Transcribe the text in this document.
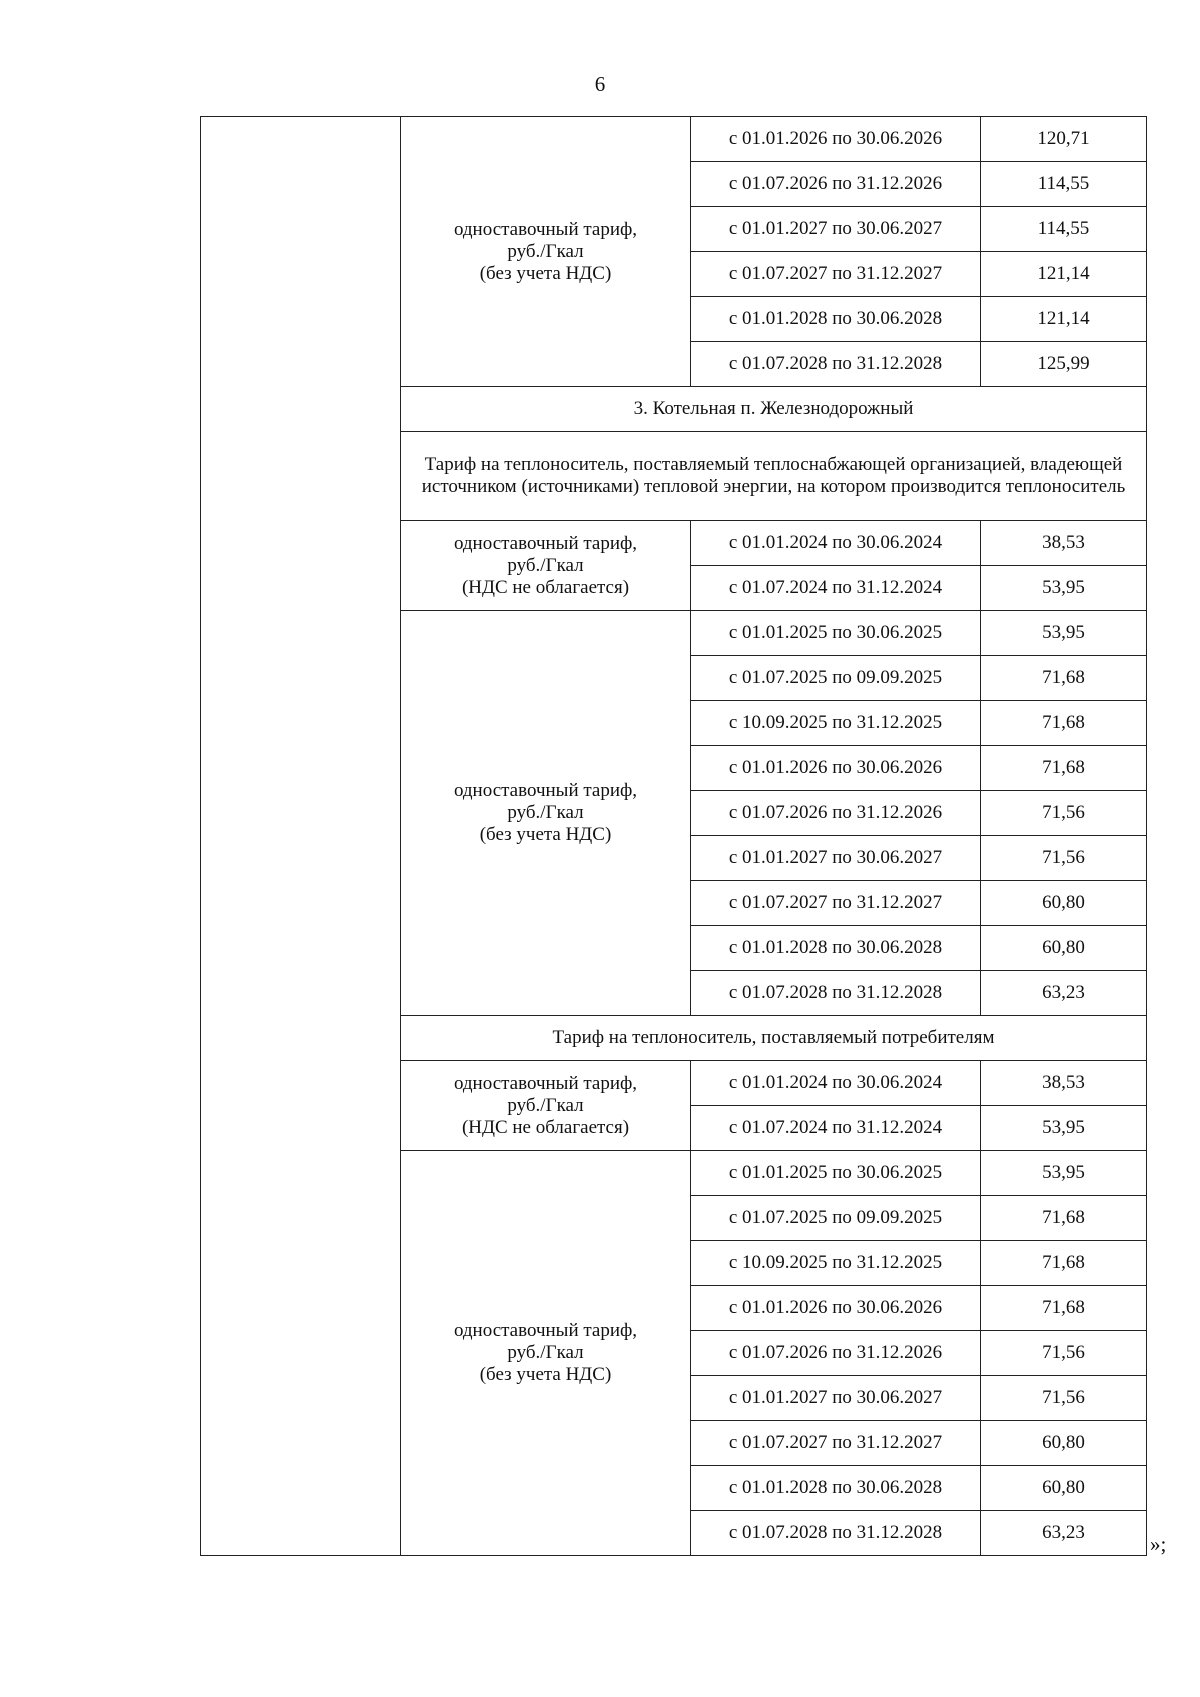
6
	одноставочный тариф,
руб./Гкал
(без учета НДС)	с 01.01.2026 по 30.06.2026	120,71
		с 01.07.2026 по 31.12.2026	114,55
		с 01.01.2027 по 30.06.2027	114,55
		с 01.07.2027 по 31.12.2027	121,14
		с 01.01.2028 по 30.06.2028	121,14
		с 01.07.2028 по 31.12.2028	125,99
	3. Котельная п. Железнодорожный		
	Тариф на теплоноситель, поставляемый теплоснабжающей организацией, владеющей источником (источниками) тепловой энергии, на котором производится теплоноситель		
	одноставочный тариф,
руб./Гкал
(НДС не облагается)	с 01.01.2024 по 30.06.2024	38,53
		с 01.07.2024 по 31.12.2024	53,95
	одноставочный тариф,
руб./Гкал
(без учета НДС)	с 01.01.2025 по 30.06.2025	53,95
		с 01.07.2025 по 09.09.2025	71,68
		с 10.09.2025 по 31.12.2025	71,68
		с 01.01.2026 по 30.06.2026	71,68
		с 01.07.2026 по 31.12.2026	71,56
		с 01.01.2027 по 30.06.2027	71,56
		с 01.07.2027 по 31.12.2027	60,80
		с 01.01.2028 по 30.06.2028	60,80
		с 01.07.2028 по 31.12.2028	63,23
	Тариф на теплоноситель, поставляемый потребителям		
	одноставочный тариф,
руб./Гкал
(НДС не облагается)	с 01.01.2024 по 30.06.2024	38,53
		с 01.07.2024 по 31.12.2024	53,95
	одноставочный тариф,
руб./Гкал
(без учета НДС)	с 01.01.2025 по 30.06.2025	53,95
		с 01.07.2025 по 09.09.2025	71,68
		с 10.09.2025 по 31.12.2025	71,68
		с 01.01.2026 по 30.06.2026	71,68
		с 01.07.2026 по 31.12.2026	71,56
		с 01.01.2027 по 30.06.2027	71,56
		с 01.07.2027 по 31.12.2027	60,80
		с 01.01.2028 по 30.06.2028	60,80
		с 01.07.2028 по 31.12.2028	63,23	»;
